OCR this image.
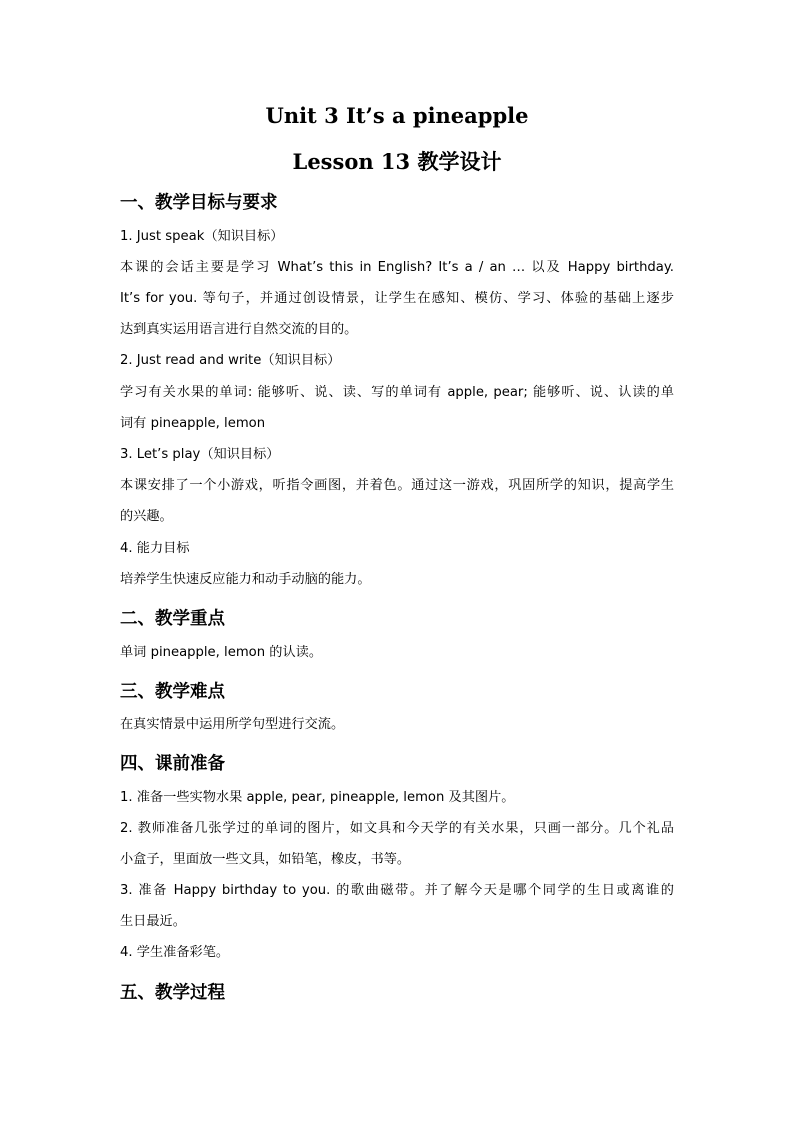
Unit 3 It’s a pineapple
Lesson 13 教学设计
一、教学目标与要求
1. Just speak（知识目标）
本课的会话主要是学习 What’s this in English? It’s a / an … 以及 Happy birthday.
It’s for you. 等句子，并通过创设情景，让学生在感知、模仿、学习、体验的基础上逐步
达到真实运用语言进行自然交流的目的。
2. Just read and write（知识目标）
学习有关水果的单词: 能够听、说、读、写的单词有 apple, pear; 能够听、说、认读的单
词有 pineapple, lemon
3. Let’s play（知识目标）
本课安排了一个小游戏，听指令画图，并着色。通过这一游戏，巩固所学的知识，提高学生
的兴趣。
4. 能力目标
培养学生快速反应能力和动手动脑的能力。
二、教学重点
单词 pineapple, lemon 的认读。
三、教学难点
在真实情景中运用所学句型进行交流。
四、课前准备
1. 准备一些实物水果 apple, pear, pineapple, lemon 及其图片。
2. 教师准备几张学过的单词的图片，如文具和今天学的有关水果，只画一部分。几个礼品
小盒子，里面放一些文具，如铅笔，橡皮，书等。
3. 准备 Happy birthday to you. 的歌曲磁带。并了解今天是哪个同学的生日或离谁的
生日最近。
4. 学生准备彩笔。
五、教学过程
